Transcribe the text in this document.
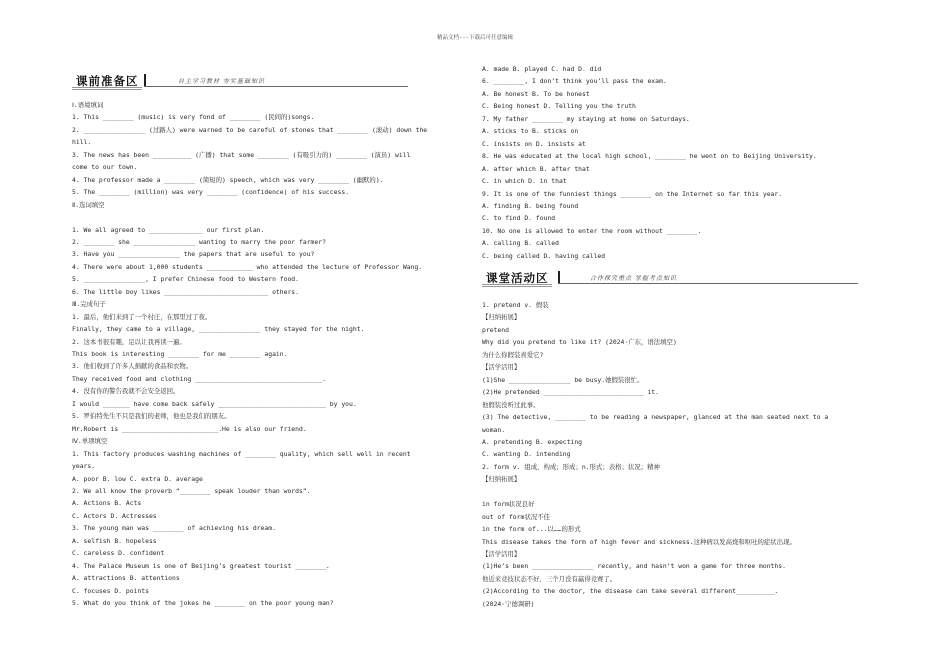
精品文档---下载后可任意编辑
课前准备区	自主学习教材 夯实基础知识
Ⅰ.语境填词
1. This ________ (music) is very fond of ________ (民间的)songs.
2. ________________ (过路人) were warned to be careful of stones that ________ (滚动) down the
hill.
3. The news has been __________ (广播) that some ________ (有吸引力的) ________ (演员) will
come to our town.
4. The professor made a ________ (简短的) speech, which was very ________ (幽默的).
5. The ________ (million) was very ________ (confidence) of his success.
Ⅱ.选词填空
1. We all agreed to ______________ our first plan.
2. ________ she ________________ wanting to marry the poor farmer?
3. Have you ________________ the papers that are useful to you?
4. There were about 1,000 students ____________ who attended the lecture of Professor Wang.
5. ________________, I prefer Chinese food to Western food.
6. The little boy likes ___________________________ others.
Ⅲ.完成句子
1. 最后，他们来到了一个村庄，在那里过了夜。
Finally, they came to a village, ________________ they stayed for the night.
2. 这本书很有趣，足以让我再读一遍。
This book is interesting ________ for me ________ again.
3. 他们收到了许多人捐献的食品和衣物。
They received food and clothing _________________________________.
4. 没有你的警告我就不会安全返回。
I would _______ have come back safely ____________________________ by you.
5. 罗伯特先生不只是我们的老师，他也是我们的朋友。
Mr.Robert is _________________________.He is also our friend.
Ⅳ.单项填空
1. This factory produces washing machines of ________ quality, which sell well in recent
years.
A. poor B. low C. extra D. average
2. We all know the proverb “________ speak louder than words”.
A. Actions B. Acts
C. Actors D. Actresses
3. The young man was ________ of achieving his dream.
A. selfish B. hopeless
C. careless D. confident
4. The Palace Museum is one of Beijing’s greatest tourist ________.
A. attractions B. attentions
C. focuses D. points
5. What do you think of the jokes he ________ on the poor young man?
A. made B. played C. had D. did
6. ________, I don’t think you’ll pass the exam.
A. Be honest B. To be honest
C. Being honest D. Telling you the truth
7. My father ________ my staying at home on Saturdays.
A. sticks to B. sticks on
C. insists on D. insists at
8. He was educated at the local high school, ________ he went on to Beijing University.
A. after which B. after that
C. in which D. in that
9. It is one of the funniest things ________ on the Internet so far this year.
A. finding B. being found
C. to find D. found
10. No one is allowed to enter the room without ________.
A. calling B. called
C. being called D. having called
课堂活动区	合作探究重点 掌握考点知识
1. pretend v. 假装
【归纳拓展】
pretend
Why did you pretend to like it? (2024·广东，语法填空)
为什么你假装喜爱它?
【活学活用】
(1)She ________________ be busy.她假装很忙。
(2)He pretended __________________________ it.
他假装没听过此事。
(3) The detective, ________ to be reading a newspaper, glanced at the man seated next to a
woman.
A. pretending B. expecting
C. wanting D. intending
2. form v. 组成，构成；形成；n.形式；表格；状况；精神
【归纳拓展】
in form状况良好
out of form状况不佳
in the form of...以……的形式
This disease takes the form of high fever and sickness.这种病以发高烧和呕吐的症状出现。
【活学活用】
(1)He’s been ________________ recently, and hasn’t won a game for three months.
他近来竞技状态不好，三个月没有赢得竞赛了。
(2)According to the doctor, the disease can take several different__________.
(2024·宁德调研)
